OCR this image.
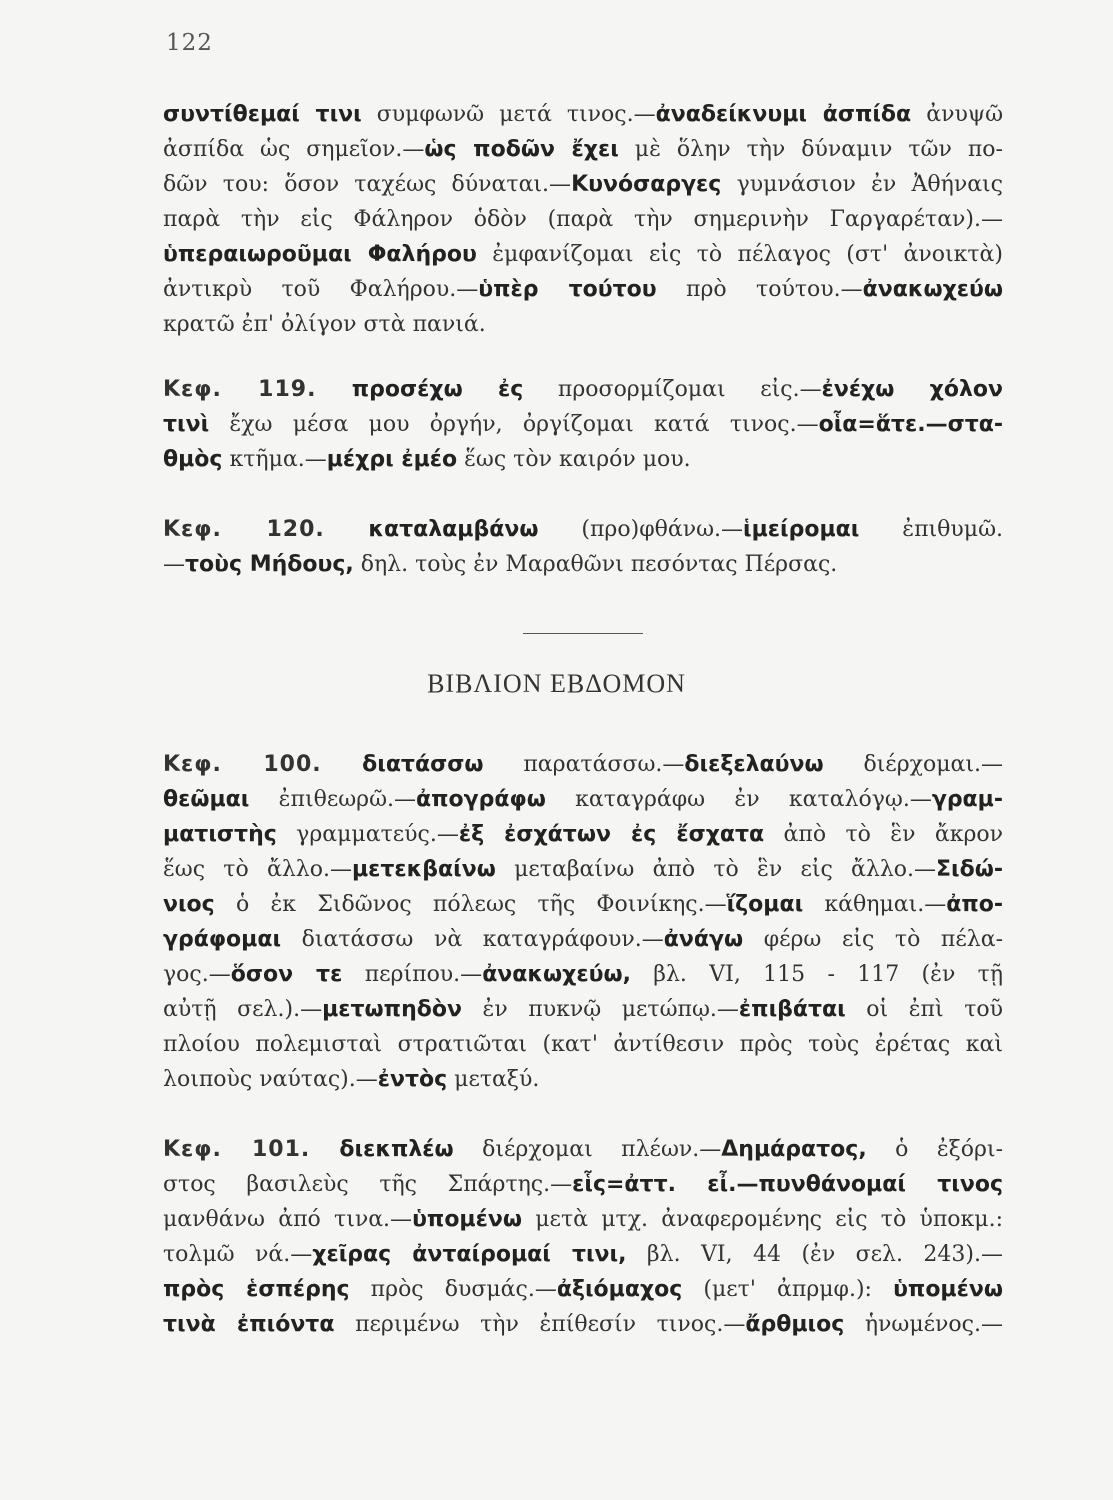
122
συντίθεμαί τινι συμφωνῶ μετά τινος.—ἀναδείκνυμι ἀσπίδα ἀνυψῶ
ἀσπίδα ὡς σημεῖον.—ὡς ποδῶν ἔχει μὲ ὅλην τὴν δύναμιν τῶν πο-
δῶν του: ὅσον ταχέως δύναται.—Κυνόσαργες γυμνάσιον ἐν Ἀθήναις
παρὰ τὴν εἰς Φάληρον ὁδὸν (παρὰ τὴν σημερινὴν Γαργαρέταν).—
ὑπεραιωροῦμαι Φαλήρου ἐμφανίζομαι εἰς τὸ πέλαγος (στ' ἀνοικτὰ)
ἀντικρὺ τοῦ Φαλήρου.—ὑπὲρ τούτου πρὸ τούτου.—ἀνακωχεύω
κρατῶ ἐπ' ὀλίγον στὰ πανιά.
Κεφ. 119. προσέχω ἐς προσορμίζομαι εἰς.—ἐνέχω χόλον
τινὶ ἔχω μέσα μου ὀργήν, ὀργίζομαι κατά τινος.—οἷα=ἅτε.—στα-
θμὸς κτῆμα.—μέχρι ἐμέο ἕως τὸν καιρόν μου.
Κεφ. 120. καταλαμβάνω (προ)φθάνω.—ἱμείρομαι ἐπιθυμῶ.
—τοὺς Μήδους, δηλ. τοὺς ἐν Μαραθῶνι πεσόντας Πέρσας.
ΒΙΒΛΙΟΝ ΕΒΔΟΜΟΝ
Κεφ. 100. διατάσσω παρατάσσω.—διεξελαύνω διέρχομαι.—
θεῶμαι ἐπιθεωρῶ.—ἀπογράφω καταγράφω ἐν καταλόγῳ.—γραμ-
ματιστὴς γραμματεύς.—ἐξ ἐσχάτων ἐς ἔσχατα ἀπὸ τὸ ἓν ἄκρον
ἕως τὸ ἄλλο.—μετεκβαίνω μεταβαίνω ἀπὸ τὸ ἓν εἰς ἄλλο.—Σιδώ-
νιος ὁ ἐκ Σιδῶνος πόλεως τῆς Φοινίκης.—ἵζομαι κάθημαι.—ἀπο-
γράφομαι διατάσσω νὰ καταγράφουν.—ἀνάγω φέρω εἰς τὸ πέλα-
γος.—ὅσον τε περίπου.—ἀνακωχεύω, βλ. VI, 115 - 117 (ἐν τῇ
αὐτῇ σελ.).—μετωπηδὸν ἐν πυκνῷ μετώπῳ.—ἐπιβάται οἱ ἐπὶ τοῦ
πλοίου πολεμισταὶ στρατιῶται (κατ' ἀντίθεσιν πρὸς τοὺς ἐρέτας καὶ
λοιποὺς ναύτας).—ἐντὸς μεταξύ.
Κεφ. 101. διεκπλέω διέρχομαι πλέων.—Δημάρατος, ὁ ἐξόρι-
στος βασιλεὺς τῆς Σπάρτης.—εἷς=ἀττ. εἶ.—πυνθάνομαί τινος
μανθάνω ἀπό τινα.—ὑπομένω μετὰ μτχ. ἀναφερομένης εἰς τὸ ὑποκμ.:
τολμῶ νά.—χεῖρας ἀνταίρομαί τινι, βλ. VI, 44 (ἐν σελ. 243).—
πρὸς ἑσπέρης πρὸς δυσμάς.—ἀξιόμαχος (μετ' ἀπρμφ.): ὑπομένω
τινὰ ἐπιόντα περιμένω τὴν ἐπίθεσίν τινος.—ἄρθμιος ἡνωμένος.—
